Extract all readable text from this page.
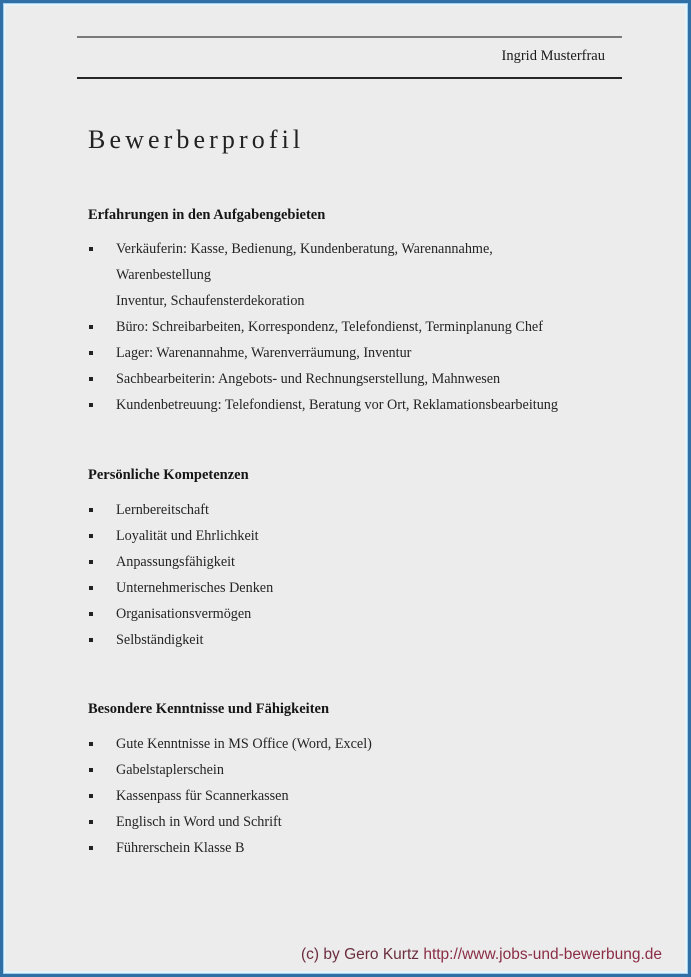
Ingrid Musterfrau
Bewerberprofil
Erfahrungen in den Aufgabengebieten
Verkäuferin: Kasse, Bedienung, Kundenberatung, Warenannahme,
Warenbestellung
Inventur, Schaufensterdekoration
Büro: Schreibarbeiten, Korrespondenz, Telefondienst, Terminplanung Chef
Lager: Warenannahme, Warenverräumung, Inventur
Sachbearbeiterin: Angebots- und Rechnungserstellung, Mahnwesen
Kundenbetreuung: Telefondienst, Beratung vor Ort, Reklamationsbearbeitung
Persönliche Kompetenzen
Lernbereitschaft
Loyalität und Ehrlichkeit
Anpassungsfähigkeit
Unternehmerisches Denken
Organisationsvermögen
Selbständigkeit
Besondere Kenntnisse und Fähigkeiten
Gute Kenntnisse in MS Office (Word, Excel)
Gabelstaplerschein
Kassenpass für Scannerkassen
Englisch in Word und Schrift
Führerschein Klasse B
(c) by Gero Kurtz http://www.jobs-und-bewerbung.de
